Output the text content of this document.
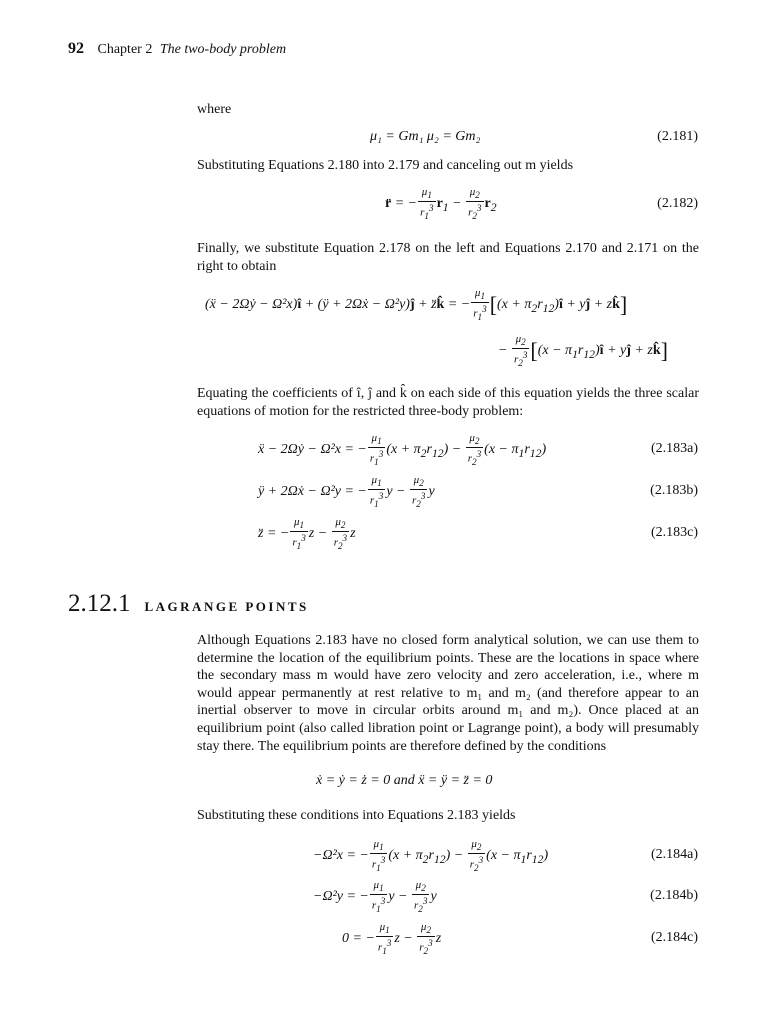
92 Chapter 2 The two-body problem
where
μ₁ = Gm₁ μ₂ = Gm₂	(2.181)
Substituting Equations 2.180 into 2.179 and canceling out m yields
r̈ = − $\frac{\mu_1}{r_1^3} r_1 - \frac{\mu_2}{r_2^3} r_2$	(2.182)
Finally, we substitute Equation 2.178 on the left and Equations 2.170 and 2.171 on the right to obtain
(ẍ − 2Ωẏ − Ω²x)î + (ÿ + 2Ωẋ − Ω²y)ĵ + z̈k̂ = − $\frac{\mu_1}{r_1^3} [(x$ + $\pi_2r_{12})î$ + yĵ + zk̂]
− $\frac{\mu_2}{r_2^3} [(x$ − $\pi_1r_{12})î$ + yĵ + zk̂]
Equating the coefficients of î, ĵ and k̂ on each side of this equation yields the three scalar equations of motion for the restricted three-body problem:
ẍ − 2Ωẏ − Ω²x = − $\frac{\mu_1}{r_1^3} (x + \pi_2r_{12}) - \frac{\mu_2}{r_2^3} (x - \pi_1r_{12})$	(2.183a)
ÿ + 2Ωẋ − Ω²y = − $\frac{\mu_1}{r_1^3}$ $y - \frac{\mu_2}{r_2^3}$ y	(2.183b)
z̈ = − $\frac{\mu_1}{r_1^3}$ $z - \frac{\mu_2}{r_2^3}$ z	(2.183c)
2.12.1 LAGRANGE POINTS
Although Equations 2.183 have no closed form analytical solution, we can use them to determine the location of the equilibrium points. These are the locations in space where the secondary mass m would have zero velocity and zero acceleration, i.e., where m would appear permanently at rest relative to m₁ and m₂ (and therefore appear to an inertial observer to move in circular orbits around m₁ and m₂). Once placed at an equilibrium point (also called libration point or Lagrange point), a body will presumably stay there. The equilibrium points are therefore defined by the conditions
ẋ = ẏ = ż = 0 and ẍ = ÿ = z̈ = 0
Substituting these conditions into Equations 2.183 yields
−Ω²x = − $\frac{\mu_1}{r_1^3} (x + \pi_2r_{12}) - \frac{\mu_2}{r_2^3} (x - \pi_1r_{12})$	(2.184a)
−Ω²y = − $\frac{\mu_1}{r_1^3}$ $y - \frac{\mu_2}{r_2^3}$ y	(2.184b)
0 = − $\frac{\mu_1}{r_1^3}$ $z - \frac{\mu_2}{r_2^3}$ z	(2.184c)
